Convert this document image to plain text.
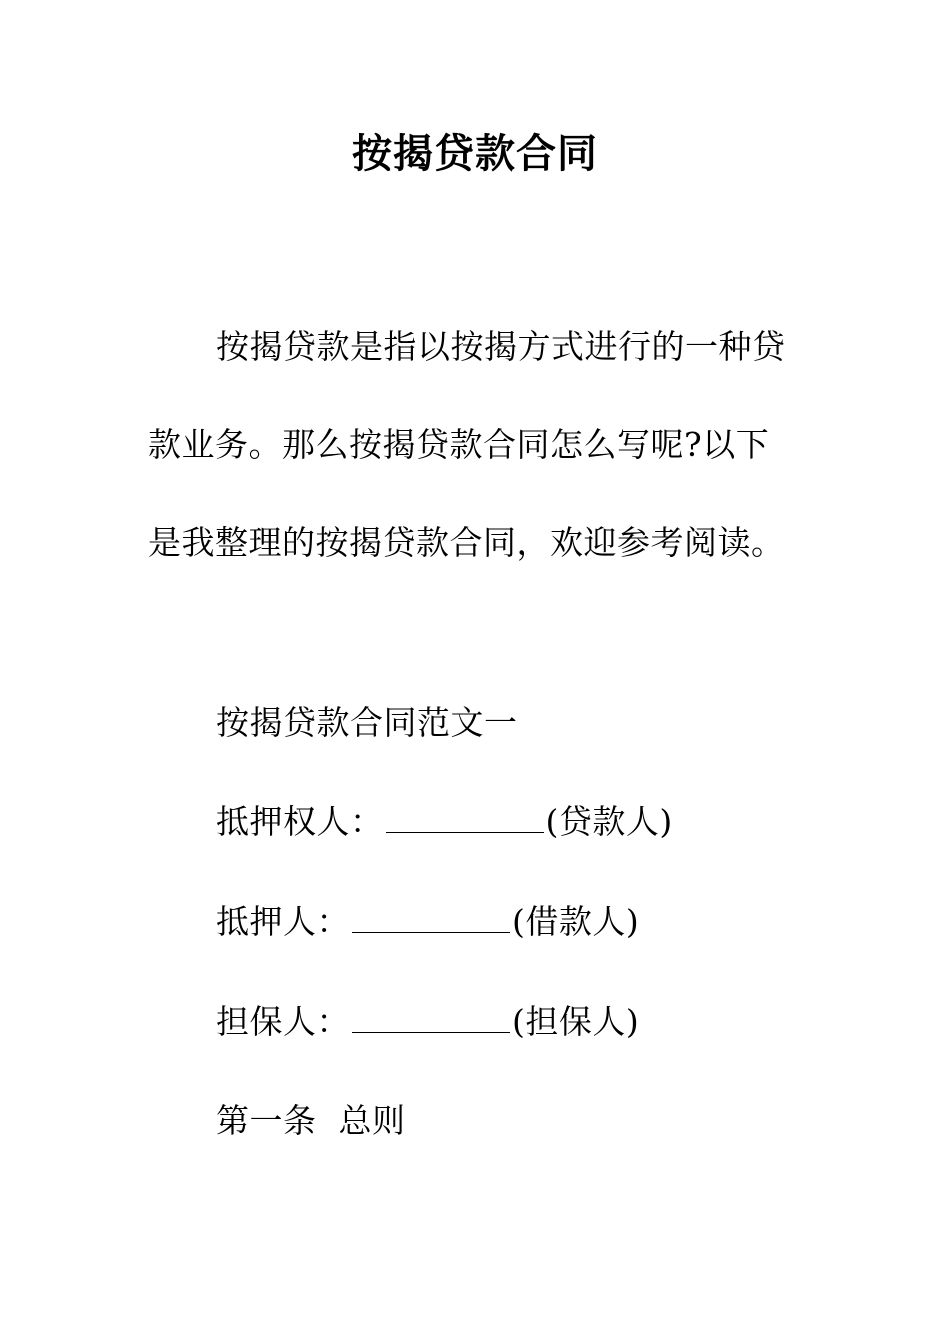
按揭贷款合同

按揭贷款是指以按揭方式进行的一种贷款业务。那么按揭贷款合同怎么写呢?以下是我整理的按揭贷款合同，欢迎参考阅读。

按揭贷款合同范文一

抵押权人：	(贷款人)

抵押人：	(借款人)

担保人：	(担保人)

第一条  总则
